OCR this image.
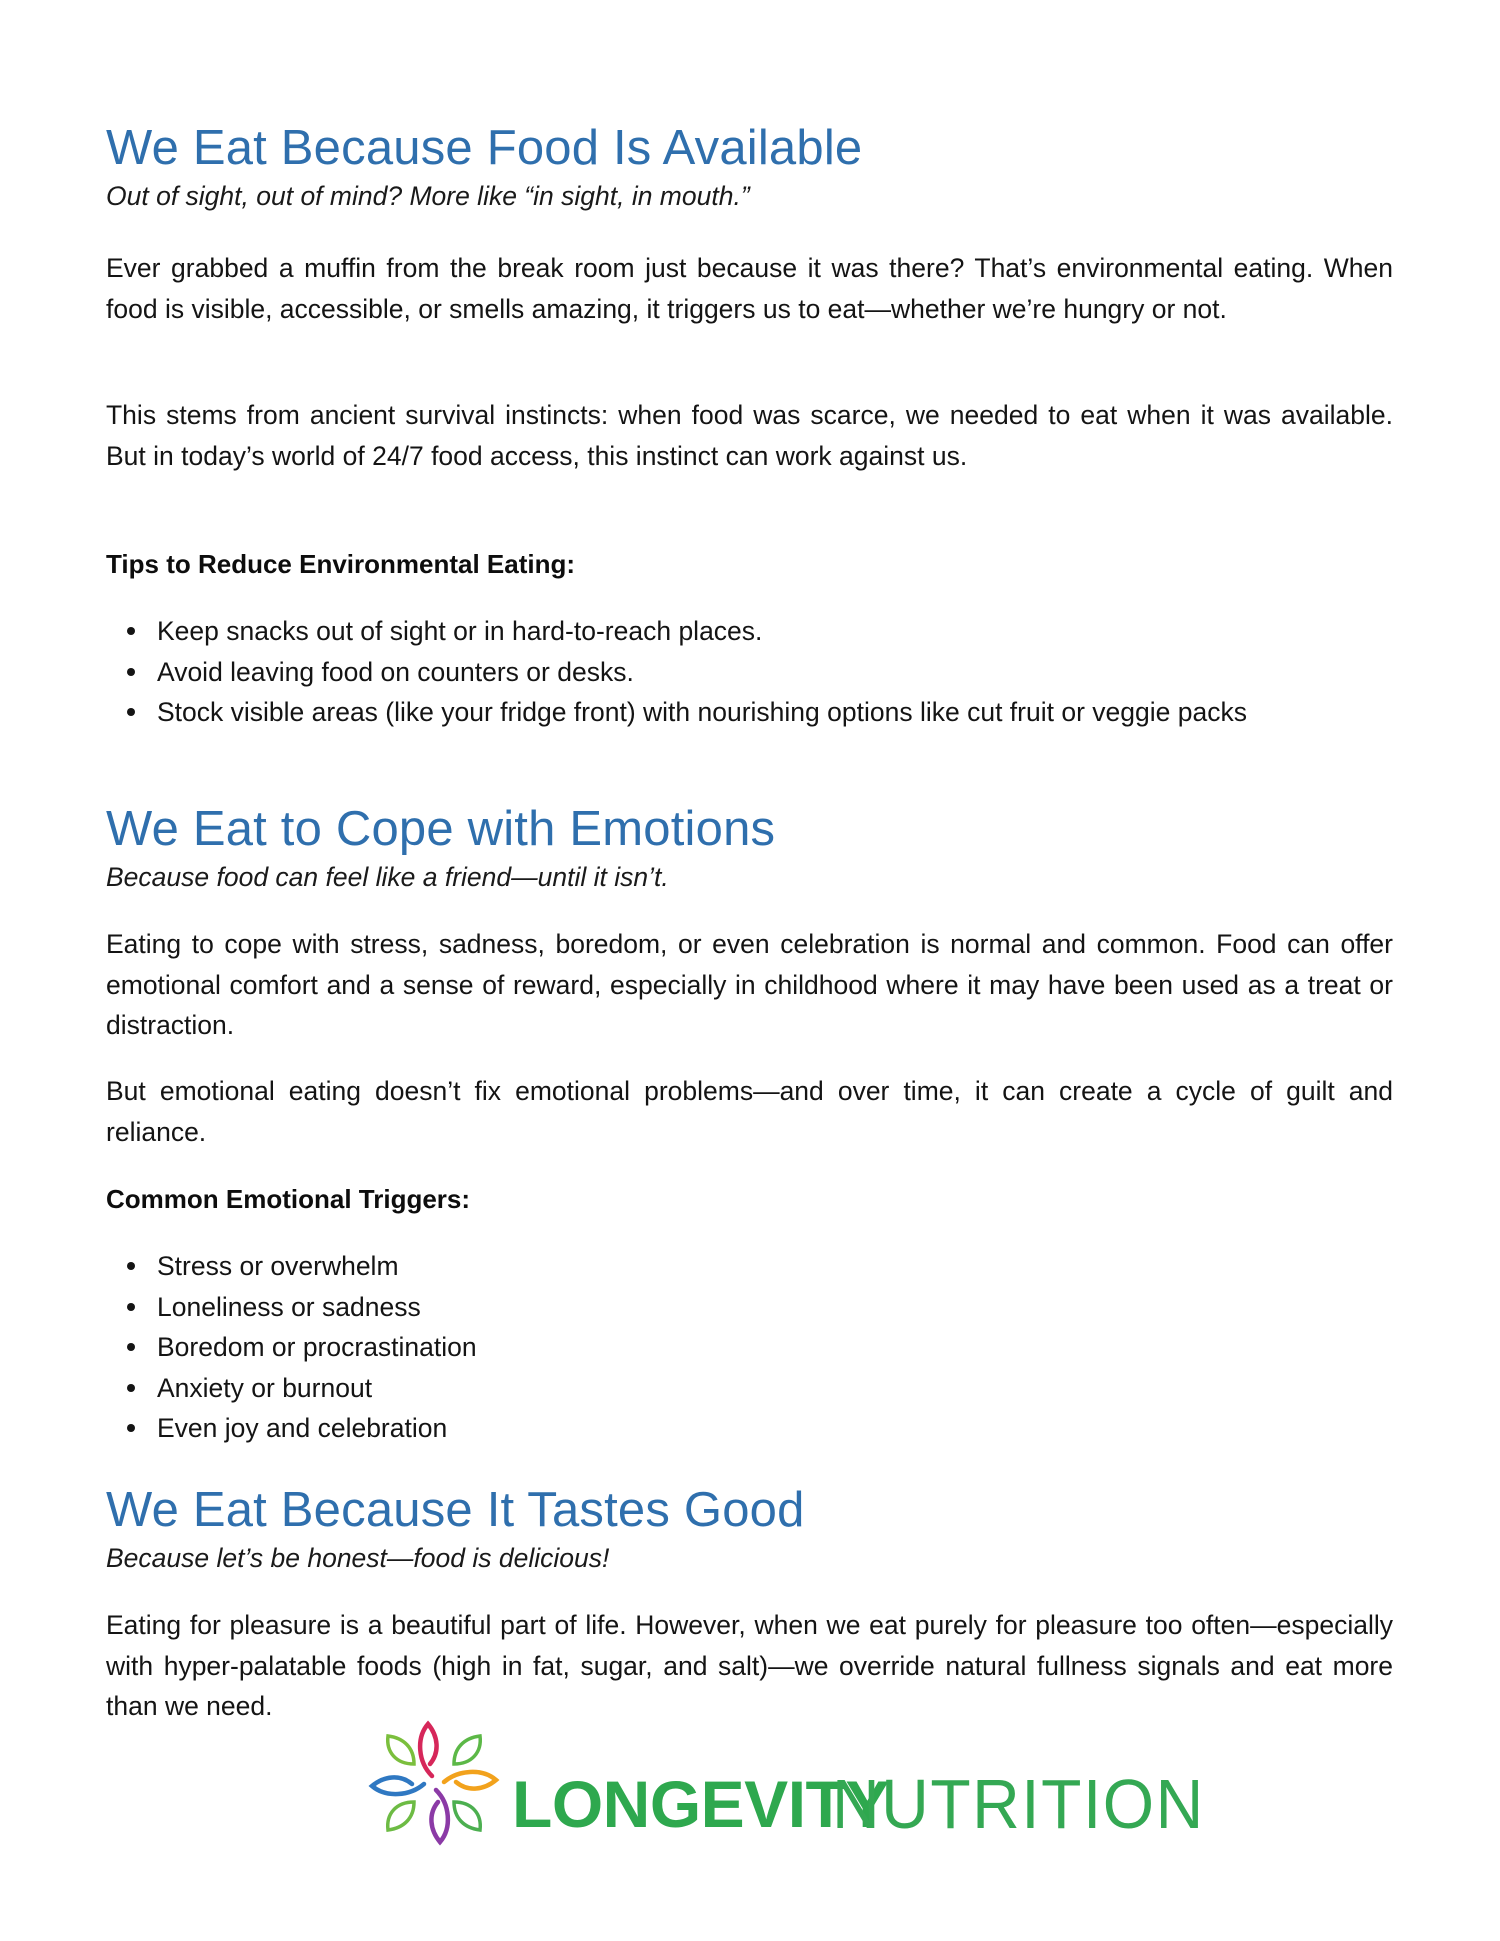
We Eat Because Food Is Available
Out of sight, out of mind? More like “in sight, in mouth.”

Ever grabbed a muffin from the break room just because it was there? That’s environmental eating. When food is visible, accessible, or smells amazing, it triggers us to eat—whether we’re hungry or not.

This stems from ancient survival instincts: when food was scarce, we needed to eat when it was available. But in today’s world of 24/7 food access, this instinct can work against us.

Tips to Reduce Environmental Eating:
Keep snacks out of sight or in hard-to-reach places.
Avoid leaving food on counters or desks.
Stock visible areas (like your fridge front) with nourishing options like cut fruit or veggie packs
We Eat to Cope with Emotions
Because food can feel like a friend—until it isn’t.

Eating to cope with stress, sadness, boredom, or even celebration is normal and common. Food can offer emotional comfort and a sense of reward, especially in childhood where it may have been used as a treat or distraction.

But emotional eating doesn’t fix emotional problems—and over time, it can create a cycle of guilt and reliance.

Common Emotional Triggers:
Stress or overwhelm
Loneliness or sadness
Boredom or procrastination
Anxiety or burnout
Even joy and celebration
We Eat Because It Tastes Good
Because let’s be honest—food is delicious!

Eating for pleasure is a beautiful part of life. However, when we eat purely for pleasure too often—especially with hyper-palatable foods (high in fat, sugar, and salt)—we override natural fullness signals and eat more than we need.

LONGEVITY
NUTRITION
